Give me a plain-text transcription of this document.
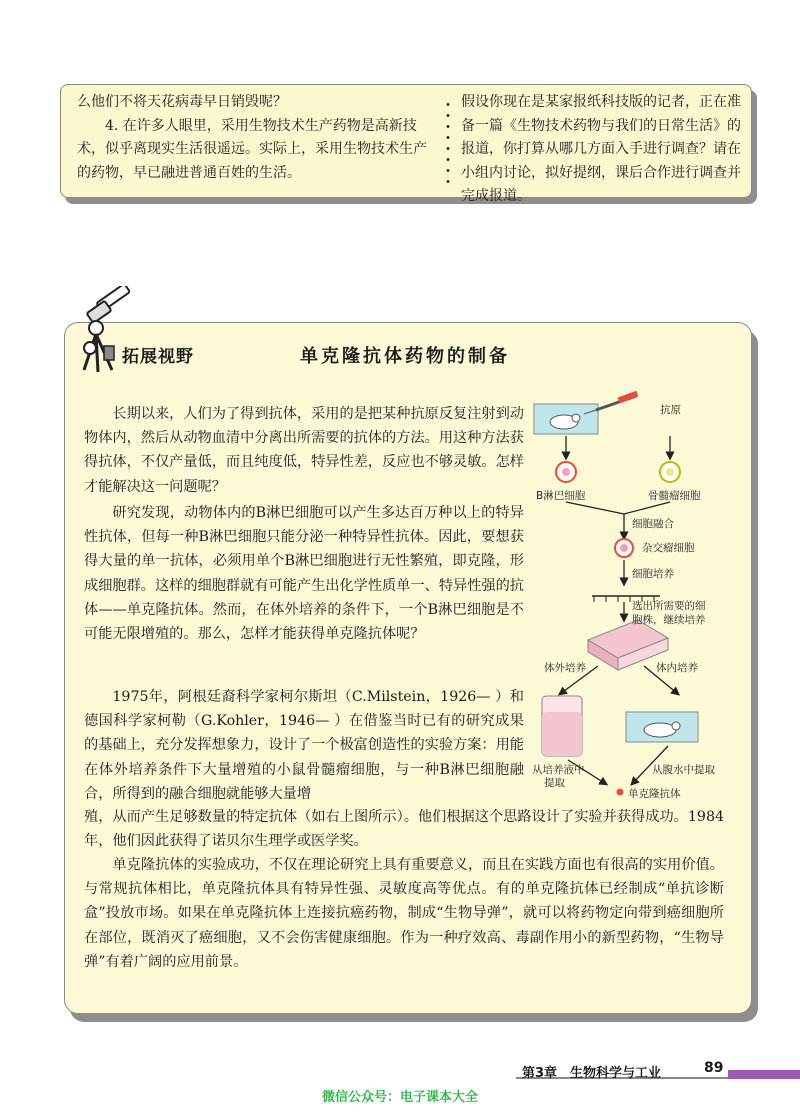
么他们不将天花病毒早日销毁呢？

4. 在许多人眼里，采用生物技术生产药物是高新技术，似乎离现实生活很遥远。实际上，采用生物技术生产的药物，早已融进普通百姓的生活。

假设你现在是某家报纸科技版的记者，正在准备一篇《生物技术药物与我们的日常生活》的报道，你打算从哪几方面入手进行调查？请在小组内讨论，拟好提纲，课后合作进行调查并完成报道。

拓展视野	单克隆抗体药物的制备

长期以来，人们为了得到抗体，采用的是把某种抗原反复注射到动物体内，然后从动物血清中分离出所需要的抗体的方法。用这种方法获得抗体，不仅产量低，而且纯度低，特异性差，反应也不够灵敏。怎样才能解决这一问题呢？

研究发现，动物体内的B淋巴细胞可以产生多达百万种以上的特异性抗体，但每一种B淋巴细胞只能分泌一种特异性抗体。因此，要想获得大量的单一抗体，必须用单个B淋巴细胞进行无性繁殖，即克隆，形成细胞群。这样的细胞群就有可能产生出化学性质单一、特异性强的抗体——单克隆抗体。然而，在体外培养的条件下，一个B淋巴细胞是不可能无限增殖的。那么，怎样才能获得单克隆抗体呢？

1975年，阿根廷裔科学家柯尔斯坦（C.Milstein，1926— ）和德国科学家柯勒（G.Kohler，1946— ）在借鉴当时已有的研究成果的基础上，充分发挥想象力，设计了一个极富创造性的实验方案：用能在体外培养条件下大量增殖的小鼠骨髓瘤细胞，与一种B淋巴细胞融合，所得到的融合细胞就能够大量增

殖，从而产生足够数量的特定抗体（如右上图所示）。他们根据这个思路设计了实验并获得成功。1984年，他们因此获得了诺贝尔生理学或医学奖。

单克隆抗体的实验成功，不仅在理论研究上具有重要意义，而且在实践方面也有很高的实用价值。与常规抗体相比，单克隆抗体具有特异性强、灵敏度高等优点。有的单克隆抗体已经制成“单抗诊断盒”投放市场。如果在单克隆抗体上连接抗癌药物，制成“生物导弹”，就可以将药物定向带到癌细胞所在部位，既消灭了癌细胞，又不会伤害健康细胞。作为一种疗效高、毒副作用小的新型药物，“生物导弹”有着广阔的应用前景。

抗原
B淋巴细胞	骨髓瘤细胞
细胞融合
杂交瘤细胞
细胞培养
选出所需要的细
胞株，继续培养
体外培养	体内培养
从培养液中
提取
从腹水中提取
单克隆抗体
第3章　生物科学与工业	89
微信公众号：电子课本大全
